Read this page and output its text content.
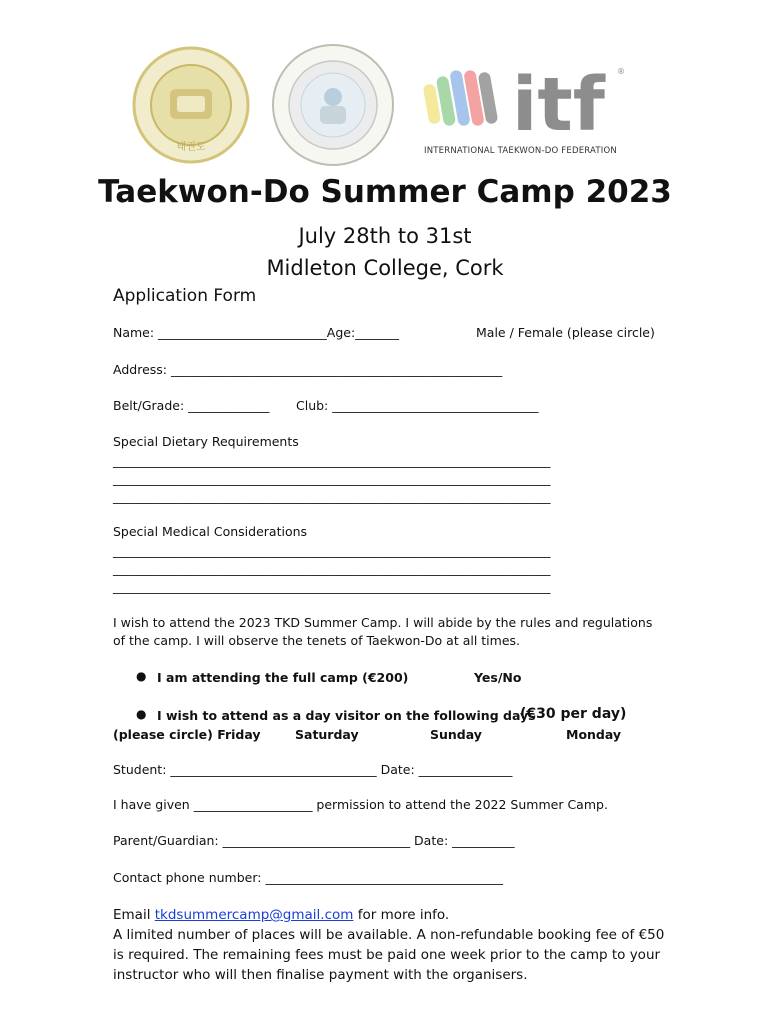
태권도	itf ®
INTERNATIONAL TAEKWON-DO FEDERATION
Taekwon-Do Summer Camp 2023
July 28th to 31st
Midleton College, Cork
Application Form
Name: ___________________________Age:_______	Male / Female (please circle)
Address: _____________________________________________________
Belt/Grade: _____________ Club: _________________________________
Special Dietary Requirements
______________________________________________________________________
______________________________________________________________________
______________________________________________________________________
Special Medical Considerations
______________________________________________________________________
______________________________________________________________________
______________________________________________________________________
I wish to attend the 2023 TKD Summer Camp. I will abide by the rules and regulations of the camp. I will observe the tenets of Taekwon-Do at all times.
● I am attending the full camp (€200)	Yes/No
● I wish to attend as a day visitor on the following days
(€30 per day)
(please circle) Friday	Saturday	Sunday	Monday
Student: _________________________________ Date: _______________
I have given ___________________ permission to attend the 2022 Summer Camp.
Parent/Guardian: ______________________________ Date: __________
Contact phone number: ______________________________________
Email tkdsummercamp@gmail.com for more info.
A limited number of places will be available. A non-refundable booking fee of €50 is required. The remaining fees must be paid one week prior to the camp to your instructor who will then finalise payment with the organisers.
